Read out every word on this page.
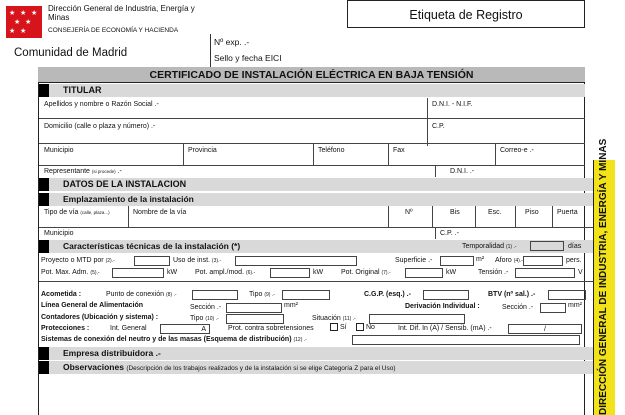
★ ★ ★
★ ★
★ ★
Dirección General de Industria, Energía y Minas
CONSEJERÍA DE ECONOMÍA Y HACIENDA
Comunidad de Madrid
Nº exp. .-
Sello y fecha EICI
Etiqueta de Registro
CERTIFICADO DE INSTALACIÓN ELÉCTRICA EN BAJA TENSIÓN
TITULAR
Apellidos y nombre o Razón Social .-	D.N.I. - N.I.F.
Domicilio (calle o plaza y número) .-	C.P.
Municipio	Provincia	Teléfono	Fax	Correo-e .-
Representante (si procede) .-	D.N.I. .-
DATOS DE LA INSTALACION
Emplazamiento de la instalación
Tipo de vía (calle, plaza...)	Nombre de la vía	Nº	Bis	Esc.	Piso	Puerta
Municipio	C.P. .-
Características técnicas de la instalación (*)	Temporalidad (1) .-	días
Proyecto o MTD por (2).-	Uso de inst. (3).-	Superficie .-	m² Aforo (4).-	pers.
Pot. Max. Adm. (5).-	kW	Pot. ampl./mod. (6).-	kW	Pot. Original (7).-	kW	Tensión .-	V
Acometida :	Punto de conexión (8) .-	Tipo (9) .-	C.G.P. (esq.) .-	BTV (nº sal.) .-
Línea General de Alimentación	Sección .-	mm²	Derivación Individual :	Sección .-	mm²
Contadores (Ubicación y sistema) :	Tipo (10) .-	Situación (11) .-
Protecciones :	Int. General	A	Prot. contra sobretensiones	Sí	No	Int. Dif. In (A) / Sensib. (mA) .-	/
Sistemas de conexión del neutro y de las masas (Esquema de distribución) (12) .-
Empresa distribuidora .-
Observaciones (Descripción de los trabajos realizados y de la instalación si se elige Categoría Z para el Uso)	DIRECCIÓN GENERAL DE INDUSTRIA, ENERGÍA Y MINAS
